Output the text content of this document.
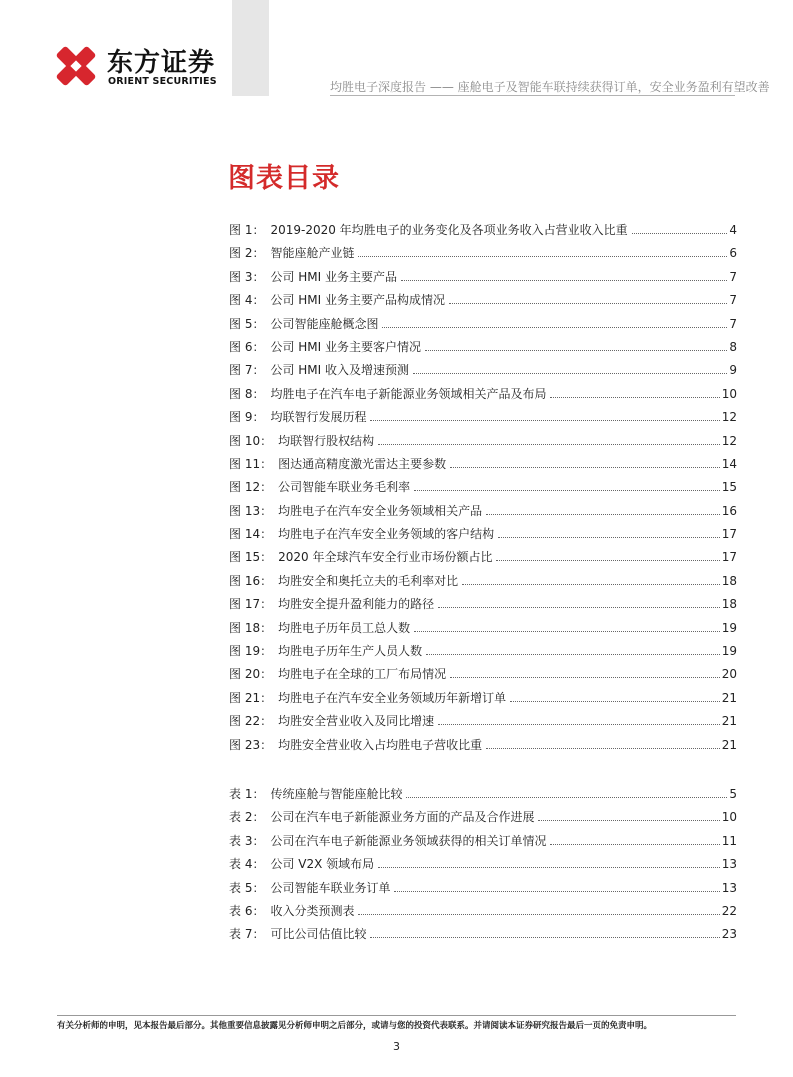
东方证券
ORIENT SECURITIES	均胜电子深度报告 —— 座舱电子及智能车联持续获得订单，安全业务盈利有望改善
图表目录
图 1： 2019-2020 年均胜电子的业务变化及各项业务收入占营业收入比重	4
图 2： 智能座舱产业链	6
图 3： 公司 HMI 业务主要产品	7
图 4： 公司 HMI 业务主要产品构成情况	7
图 5： 公司智能座舱概念图	7
图 6： 公司 HMI 业务主要客户情况	8
图 7： 公司 HMI 收入及增速预测	9
图 8： 均胜电子在汽车电子新能源业务领域相关产品及布局	10
图 9： 均联智行发展历程	12
图 10： 均联智行股权结构	12
图 11： 图达通高精度激光雷达主要参数	14
图 12： 公司智能车联业务毛利率	15
图 13： 均胜电子在汽车安全业务领域相关产品	16
图 14： 均胜电子在汽车安全业务领域的客户结构	17
图 15： 2020 年全球汽车安全行业市场份额占比	17
图 16： 均胜安全和奥托立夫的毛利率对比	18
图 17： 均胜安全提升盈利能力的路径	18
图 18： 均胜电子历年员工总人数	19
图 19： 均胜电子历年生产人员人数	19
图 20： 均胜电子在全球的工厂布局情况	20
图 21： 均胜电子在汽车安全业务领域历年新增订单	21
图 22： 均胜安全营业收入及同比增速	21
图 23： 均胜安全营业收入占均胜电子营收比重	21
表 1： 传统座舱与智能座舱比较	5
表 2： 公司在汽车电子新能源业务方面的产品及合作进展	10
表 3： 公司在汽车电子新能源业务领域获得的相关订单情况	11
表 4： 公司 V2X 领域布局	13
表 5： 公司智能车联业务订单	13
表 6： 收入分类预测表	22
表 7： 可比公司估值比较	23
有关分析师的申明，见本报告最后部分。其他重要信息披露见分析师申明之后部分，或请与您的投资代表联系。并请阅读本证券研究报告最后一页的免责申明。
3
